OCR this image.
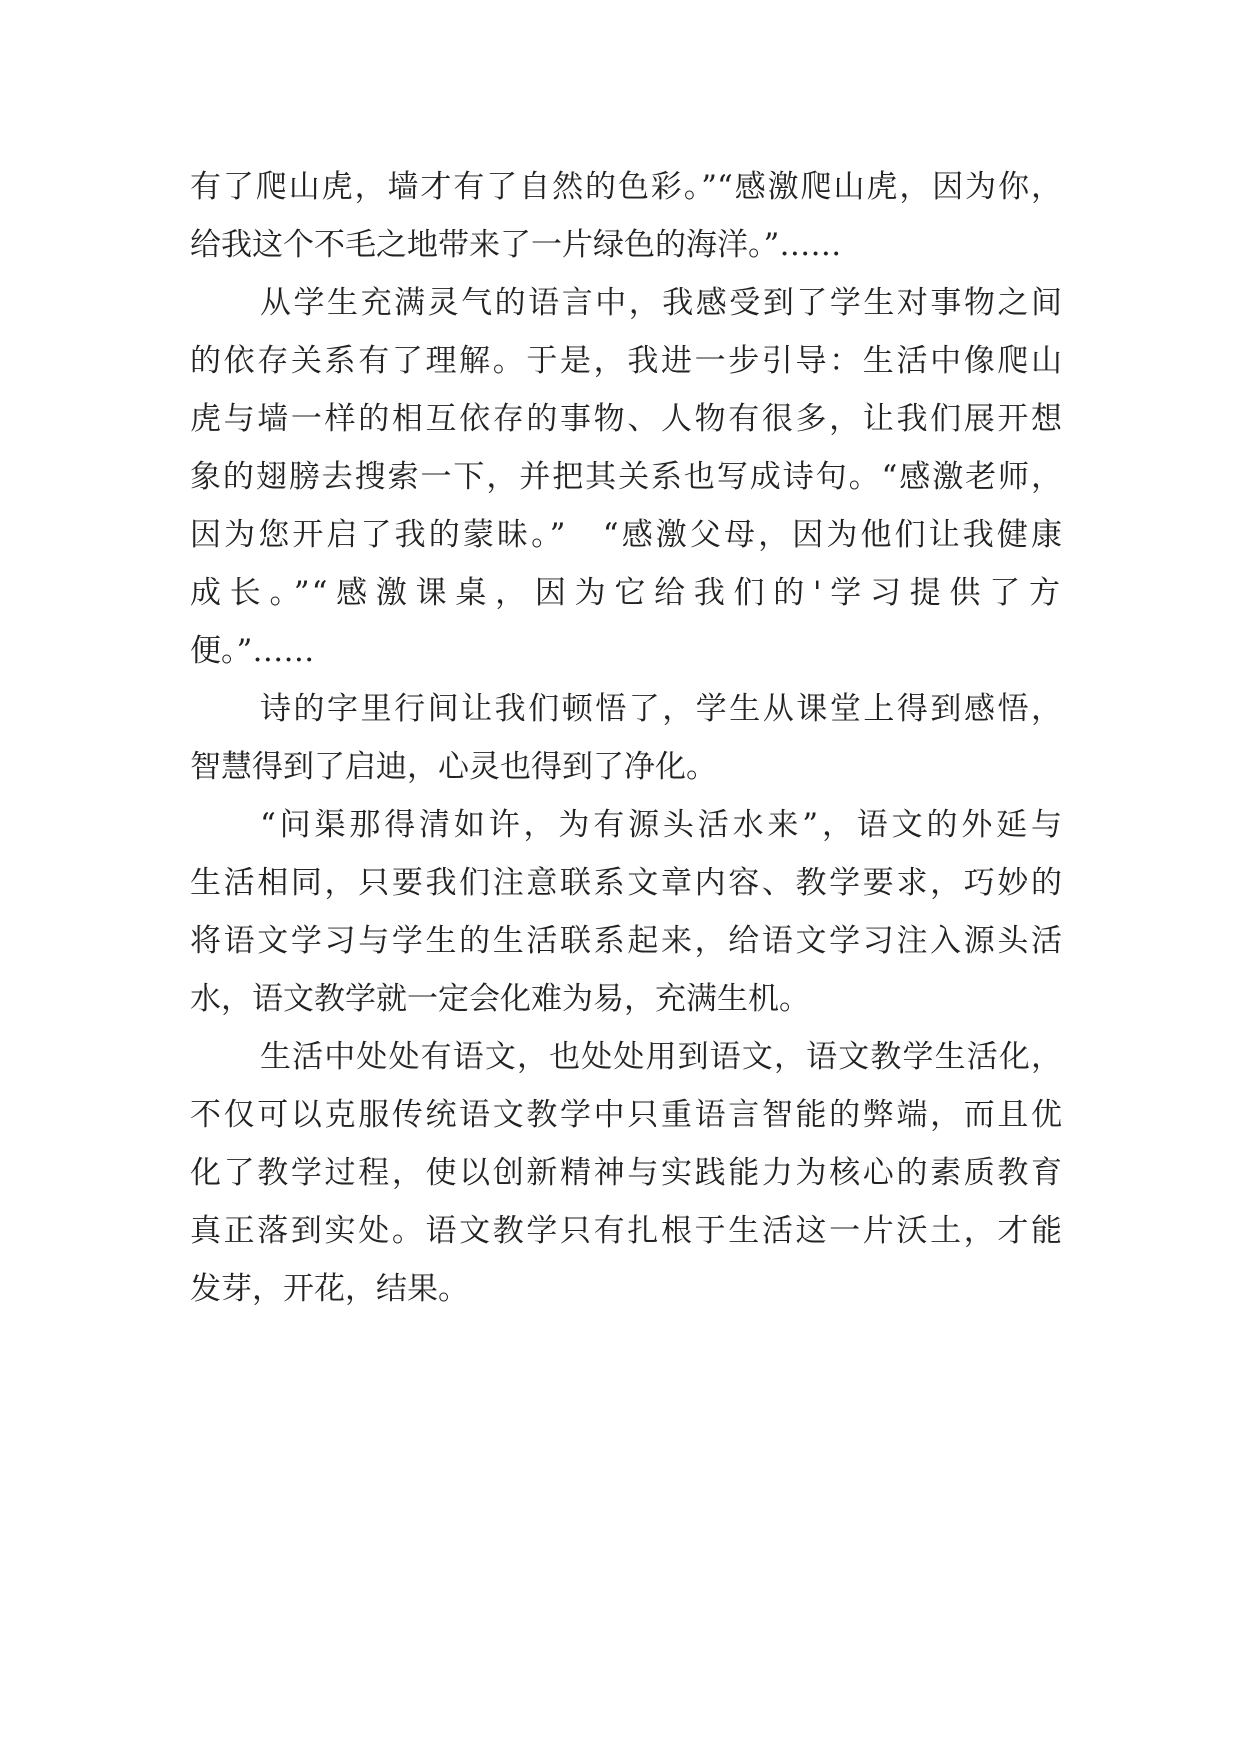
有了爬山虎，墙才有了自然的色彩。”“感激爬山虎，因为你，
给我这个不毛之地带来了一片绿色的海洋。”……
从学生充满灵气的语言中，我感受到了学生对事物之间
的依存关系有了理解。于是，我进一步引导：生活中像爬山
虎与墙一样的相互依存的事物、人物有很多，让我们展开想
象的翅膀去搜索一下，并把其关系也写成诗句。“感激老师，
因为您开启了我的蒙昧。”　“感激父母，因为他们让我健康
成长。”“感激课桌，因为它给我们的'学习提供了方
便。”……
诗的字里行间让我们顿悟了，学生从课堂上得到感悟，
智慧得到了启迪，心灵也得到了净化。
“问渠那得清如许，为有源头活水来”，语文的外延与
生活相同，只要我们注意联系文章内容、教学要求，巧妙的
将语文学习与学生的生活联系起来，给语文学习注入源头活
水，语文教学就一定会化难为易，充满生机。
生活中处处有语文，也处处用到语文，语文教学生活化，
不仅可以克服传统语文教学中只重语言智能的弊端，而且优
化了教学过程，使以创新精神与实践能力为核心的素质教育
真正落到实处。语文教学只有扎根于生活这一片沃土，才能
发芽，开花，结果。
